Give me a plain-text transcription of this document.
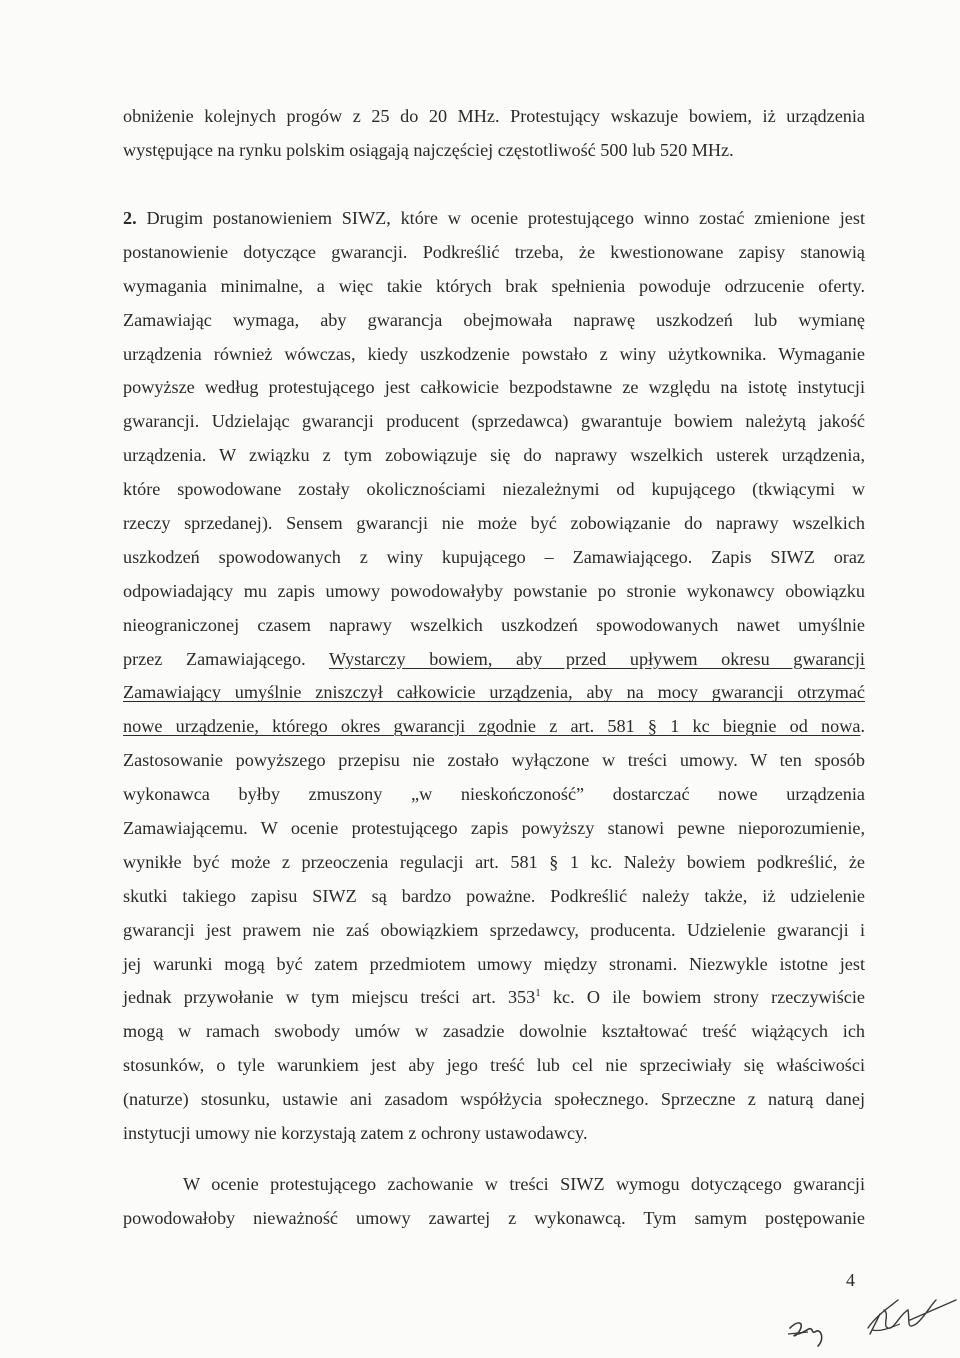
obniżenie kolejnych progów z 25 do 20 MHz. Protestujący wskazuje bowiem, iż urządzenia
występujące na rynku polskim osiągają najczęściej częstotliwość 500 lub 520 MHz.
2. Drugim postanowieniem SIWZ, które w ocenie protestującego winno zostać zmienione jest
postanowienie dotyczące gwarancji. Podkreślić trzeba, że kwestionowane zapisy stanowią
wymagania minimalne, a więc takie których brak spełnienia powoduje odrzucenie oferty.
Zamawiając wymaga, aby gwarancja obejmowała naprawę uszkodzeń lub wymianę
urządzenia również wówczas, kiedy uszkodzenie powstało z winy użytkownika. Wymaganie
powyższe według protestującego jest całkowicie bezpodstawne ze względu na istotę instytucji
gwarancji. Udzielając gwarancji producent (sprzedawca) gwarantuje bowiem należytą jakość
urządzenia. W związku z tym zobowiązuje się do naprawy wszelkich usterek urządzenia,
które spowodowane zostały okolicznościami niezależnymi od kupującego (tkwiącymi w
rzeczy sprzedanej). Sensem gwarancji nie może być zobowiązanie do naprawy wszelkich
uszkodzeń spowodowanych z winy kupującego – Zamawiającego. Zapis SIWZ oraz
odpowiadający mu zapis umowy powodowałyby powstanie po stronie wykonawcy obowiązku
nieograniczonej czasem naprawy wszelkich uszkodzeń spowodowanych nawet umyślnie
przez Zamawiającego. Wystarczy bowiem, aby przed upływem okresu gwarancji
Zamawiający umyślnie zniszczył całkowicie urządzenia, aby na mocy gwarancji otrzymać
nowe urządzenie, którego okres gwarancji zgodnie z art. 581 § 1 kc biegnie od nowa.
Zastosowanie powyższego przepisu nie zostało wyłączone w treści umowy. W ten sposób
wykonawca byłby zmuszony „w nieskończoność” dostarczać nowe urządzenia
Zamawiającemu. W ocenie protestującego zapis powyższy stanowi pewne nieporozumienie,
wynikłe być może z przeoczenia regulacji art. 581 § 1 kc. Należy bowiem podkreślić, że
skutki takiego zapisu SIWZ są bardzo poważne. Podkreślić należy także, iż udzielenie
gwarancji jest prawem nie zaś obowiązkiem sprzedawcy, producenta. Udzielenie gwarancji i
jej warunki mogą być zatem przedmiotem umowy między stronami. Niezwykle istotne jest
jednak przywołanie w tym miejscu treści art. $353^1$ kc. O ile bowiem strony rzeczywiście
mogą w ramach swobody umów w zasadzie dowolnie kształtować treść wiążących ich
stosunków, o tyle warunkiem jest aby jego treść lub cel nie sprzeciwiały się właściwości
(naturze) stosunku, ustawie ani zasadom współżycia społecznego. Sprzeczne z naturą danej
instytucji umowy nie korzystają zatem z ochrony ustawodawcy.
W ocenie protestującego zachowanie w treści SIWZ wymogu dotyczącego gwarancji
powodowałoby nieważność umowy zawartej z wykonawcą. Tym samym postępowanie
4
